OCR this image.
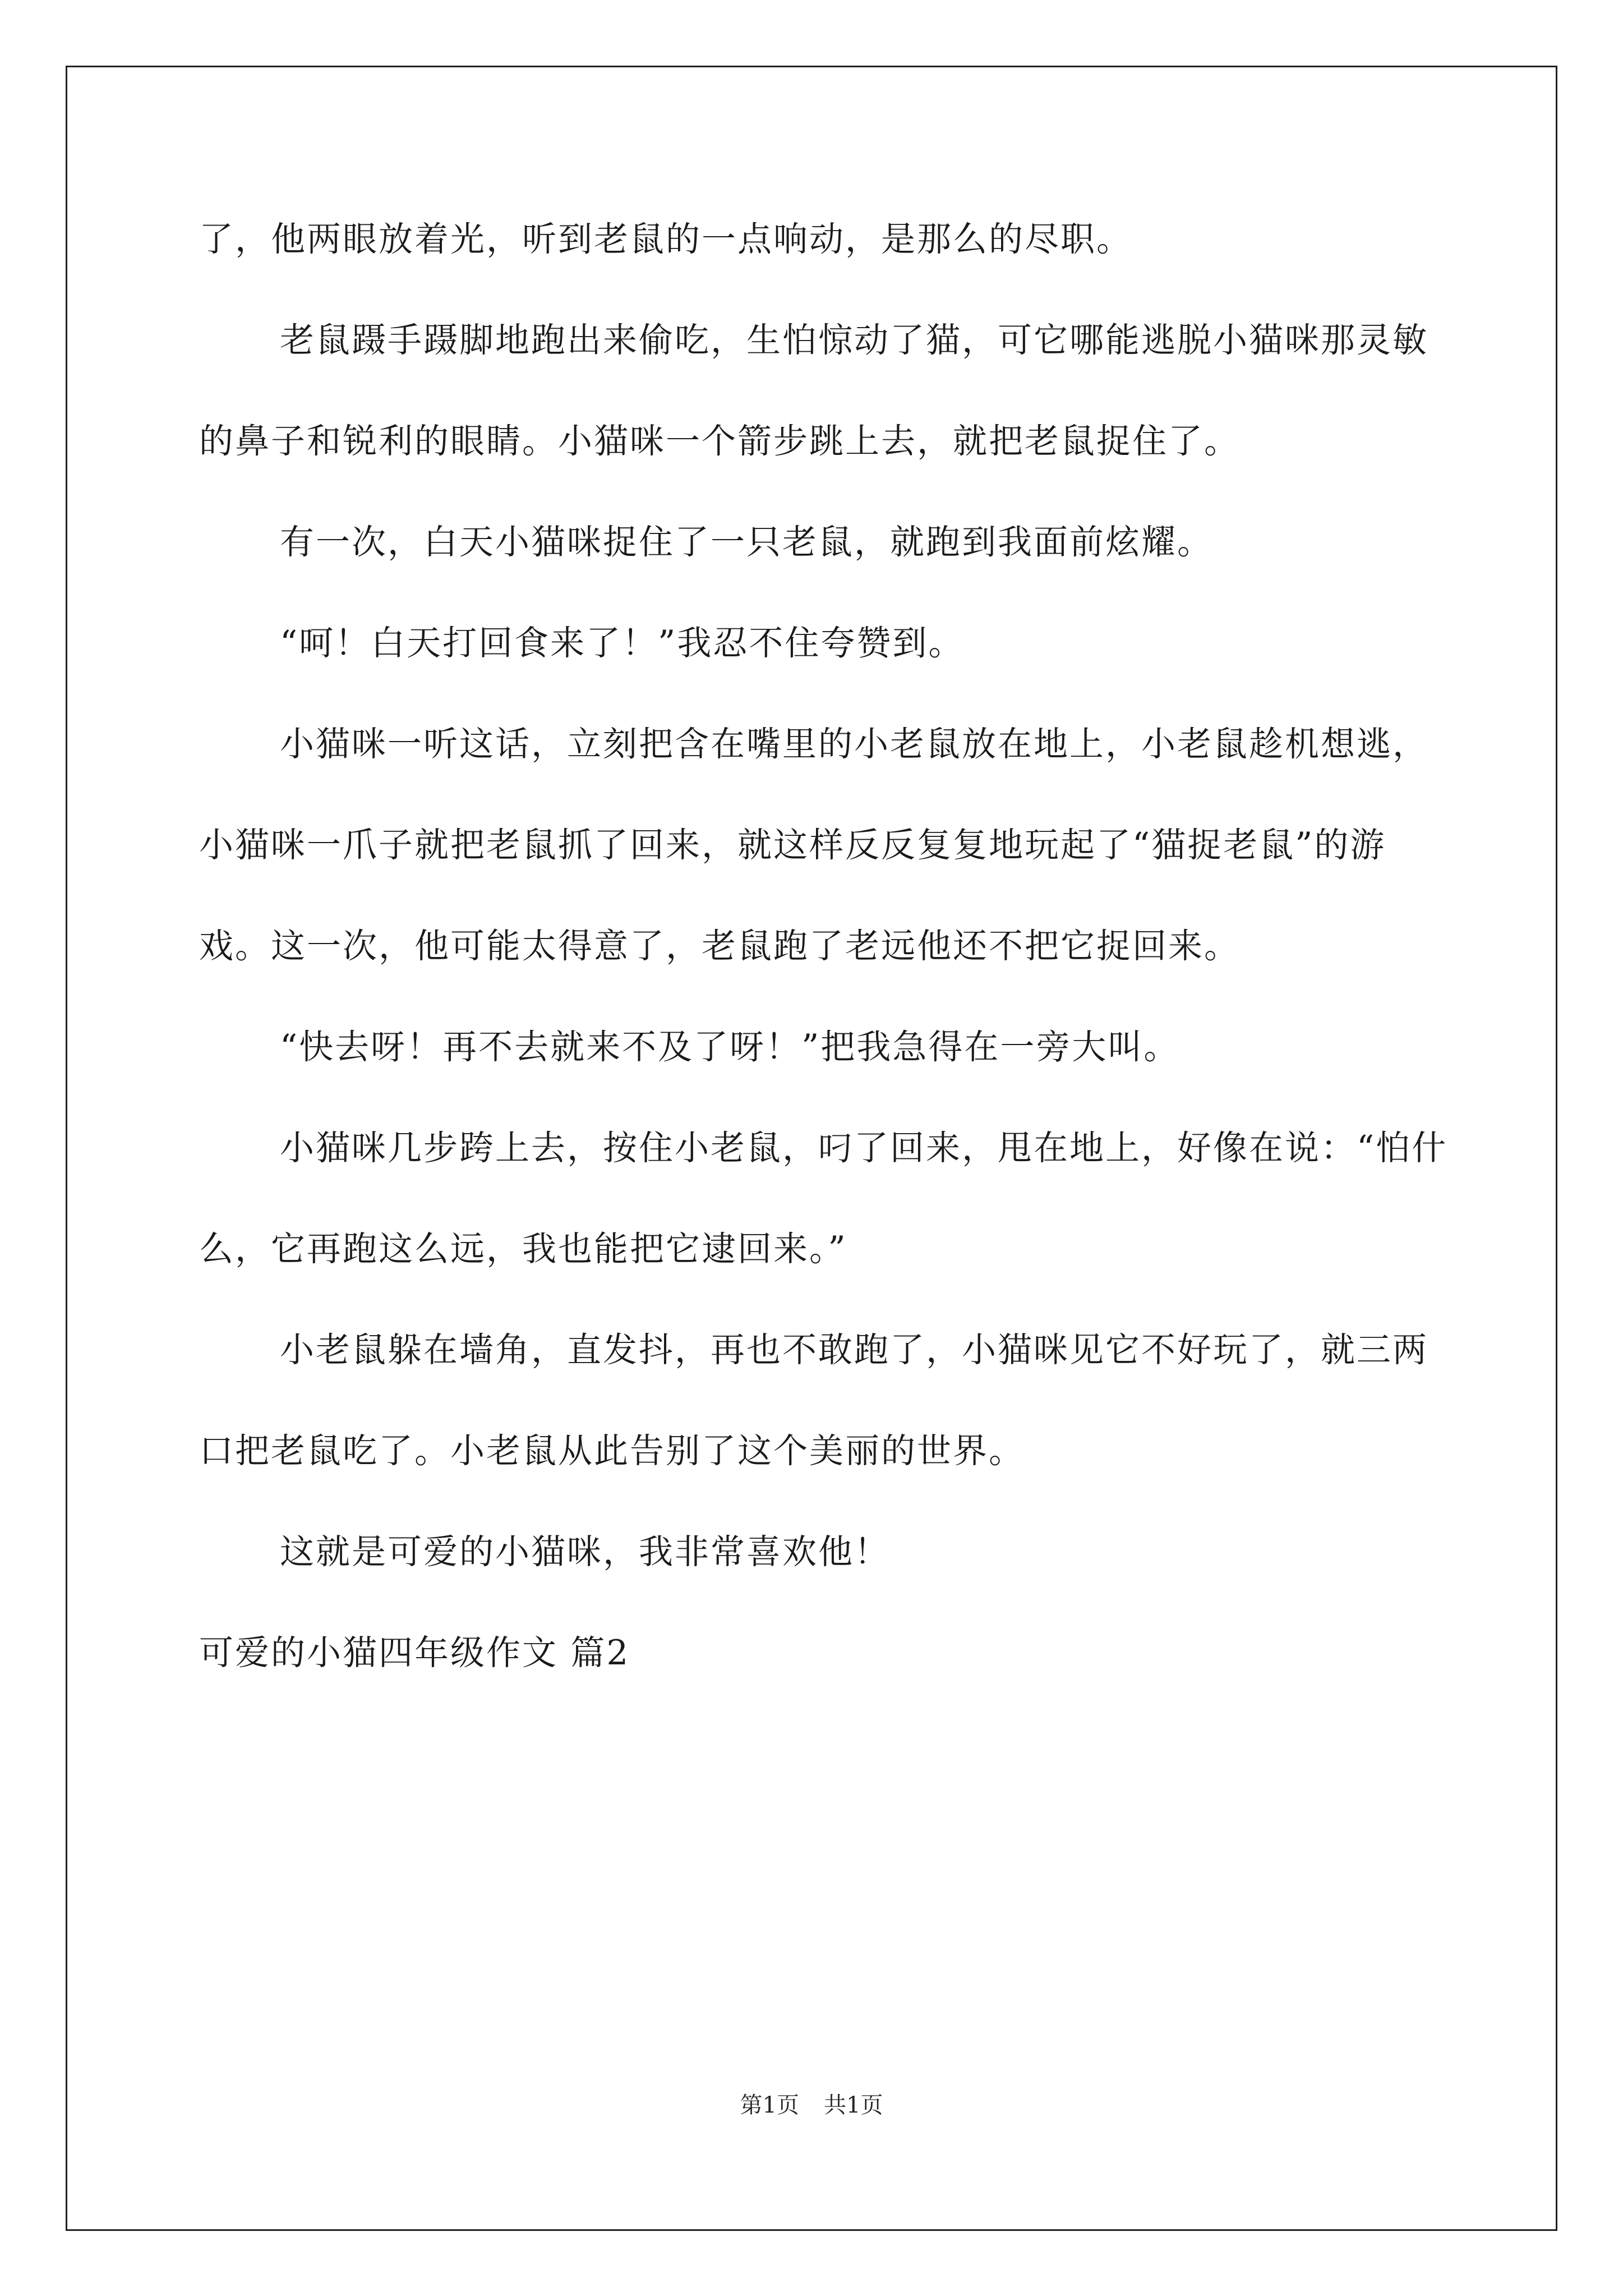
了，他两眼放着光，听到老鼠的一点响动，是那么的尽职。

老鼠蹑手蹑脚地跑出来偷吃，生怕惊动了猫，可它哪能逃脱小猫咪那灵敏的鼻子和锐利的眼睛。小猫咪一个箭步跳上去，就把老鼠捉住了。

有一次，白天小猫咪捉住了一只老鼠，就跑到我面前炫耀。

“呵！白天打回食来了！”我忍不住夸赞到。

小猫咪一听这话，立刻把含在嘴里的小老鼠放在地上，小老鼠趁机想逃，小猫咪一爪子就把老鼠抓了回来，就这样反反复复地玩起了“猫捉老鼠”的游戏。这一次，他可能太得意了，老鼠跑了老远他还不把它捉回来。

“快去呀！再不去就来不及了呀！”把我急得在一旁大叫。

小猫咪几步跨上去，按住小老鼠，叼了回来，甩在地上，好像在说：“怕什么，它再跑这么远，我也能把它逮回来。”

小老鼠躲在墙角，直发抖，再也不敢跑了，小猫咪见它不好玩了，就三两口把老鼠吃了。小老鼠从此告别了这个美丽的世界。

这就是可爱的小猫咪，我非常喜欢他！

可爱的小猫四年级作文 篇2

第1页 共1页
